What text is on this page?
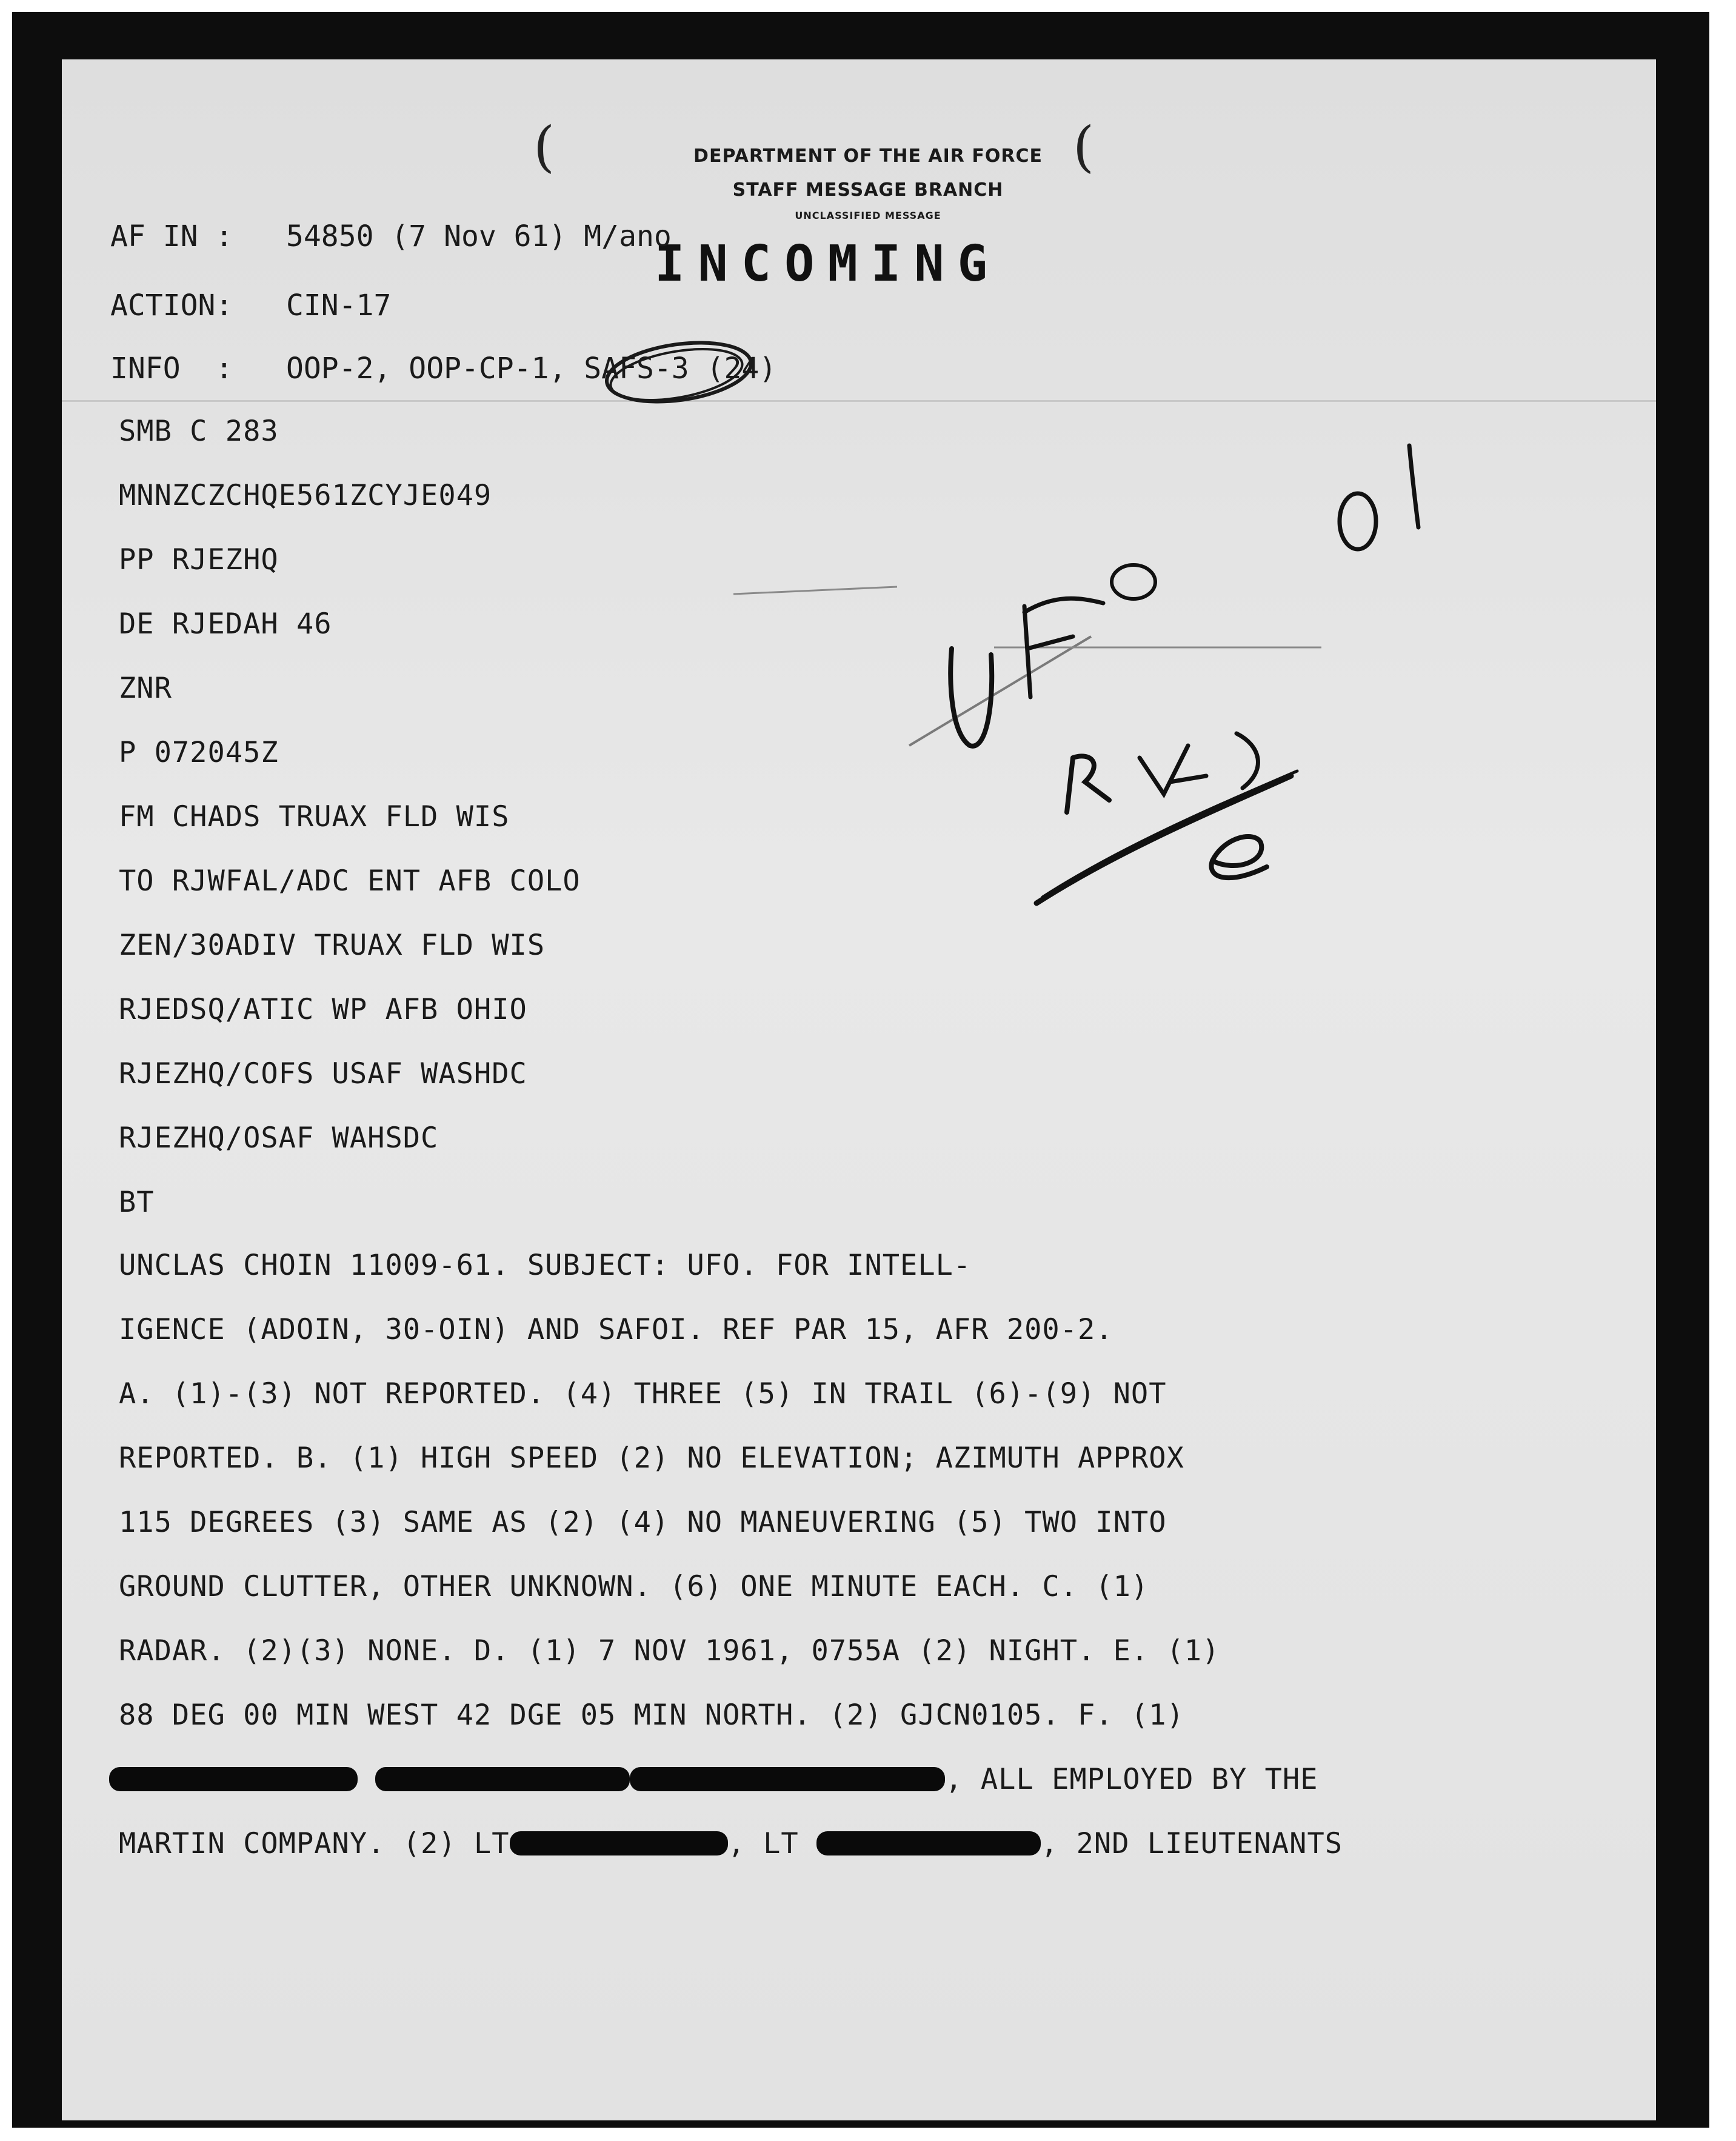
(	(
DEPARTMENT OF THE AIR FORCE
STAFF MESSAGE BRANCH
UNCLASSIFIED MESSAGE
INCOMING
AF IN : 54850 (7 Nov 61) M/ano
ACTION: CIN-17
INFO  : OOP-2, OOP-CP-1, SAFS-3 (24)
SMB C 283
MNNZCZCHQE561ZCYJE049
PP RJEZHQ
DE RJEDAH 46
ZNR
P 072045Z
FM CHADS TRUAX FLD WIS
TO RJWFAL/ADC ENT AFB COLO
ZEN/30ADIV TRUAX FLD WIS
RJEDSQ/ATIC WP AFB OHIO
RJEZHQ/COFS USAF WASHDC
RJEZHQ/OSAF WAHSDC
BT
UNCLAS CHOIN 11009-61. SUBJECT: UFO. FOR INTELL-
IGENCE (ADOIN, 30-OIN) AND SAFOI. REF PAR 15, AFR 200-2.
A. (1)-(3) NOT REPORTED. (4) THREE (5) IN TRAIL (6)-(9) NOT
REPORTED. B. (1) HIGH SPEED (2) NO ELEVATION; AZIMUTH APPROX
115 DEGREES (3) SAME AS (2) (4) NO MANEUVERING (5) TWO INTO
GROUND CLUTTER, OTHER UNKNOWN. (6) ONE MINUTE EACH. C. (1)
RADAR. (2)(3) NONE. D. (1) 7 NOV 1961, 0755A (2) NIGHT. E. (1)
88 DEG 00 MIN WEST 42 DGE 05 MIN NORTH. (2) GJCN0105. F. (1)
, ALL EMPLOYED BY THE
MARTIN COMPANY. (2) LT	, LT	, 2ND LIEUTENANTS
